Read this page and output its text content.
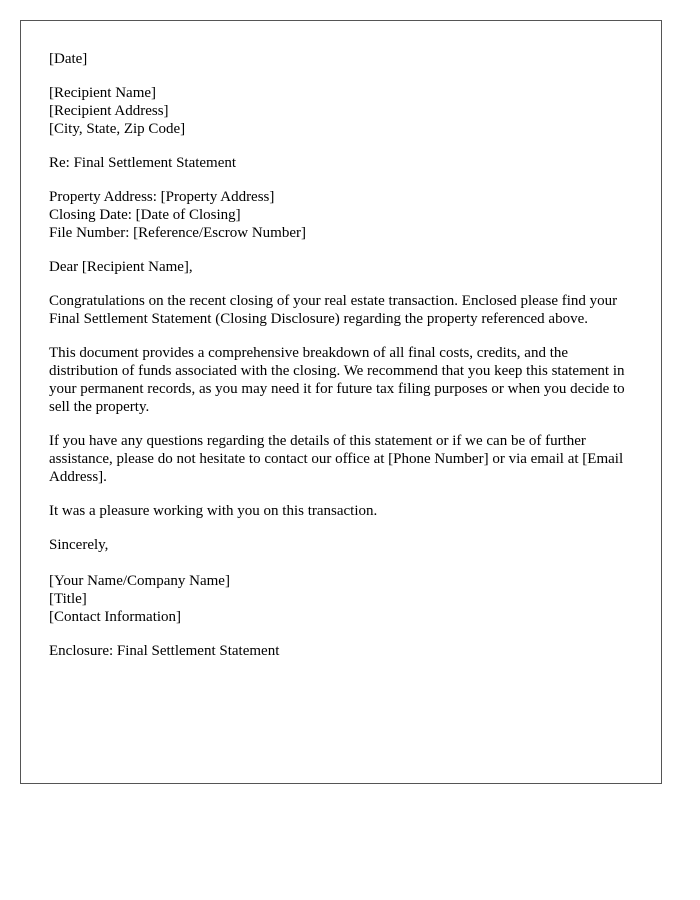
[Date]
[Recipient Name]
[Recipient Address]
[City, State, Zip Code]
Re: Final Settlement Statement
Property Address: [Property Address]
Closing Date: [Date of Closing]
File Number: [Reference/Escrow Number]

Dear [Recipient Name],

Congratulations on the recent closing of your real estate transaction. Enclosed please find your Final Settlement Statement (Closing Disclosure) regarding the property referenced above.

This document provides a comprehensive breakdown of all final costs, credits, and the distribution of funds associated with the closing. We recommend that you keep this statement in your permanent records, as you may need it for future tax filing purposes or when you decide to sell the property.

If you have any questions regarding the details of this statement or if we can be of further assistance, please do not hesitate to contact our office at [Phone Number] or via email at [Email Address].

It was a pleasure working with you on this transaction.

Sincerely,

[Your Name/Company Name]
[Title]
[Contact Information]
Enclosure: Final Settlement Statement
